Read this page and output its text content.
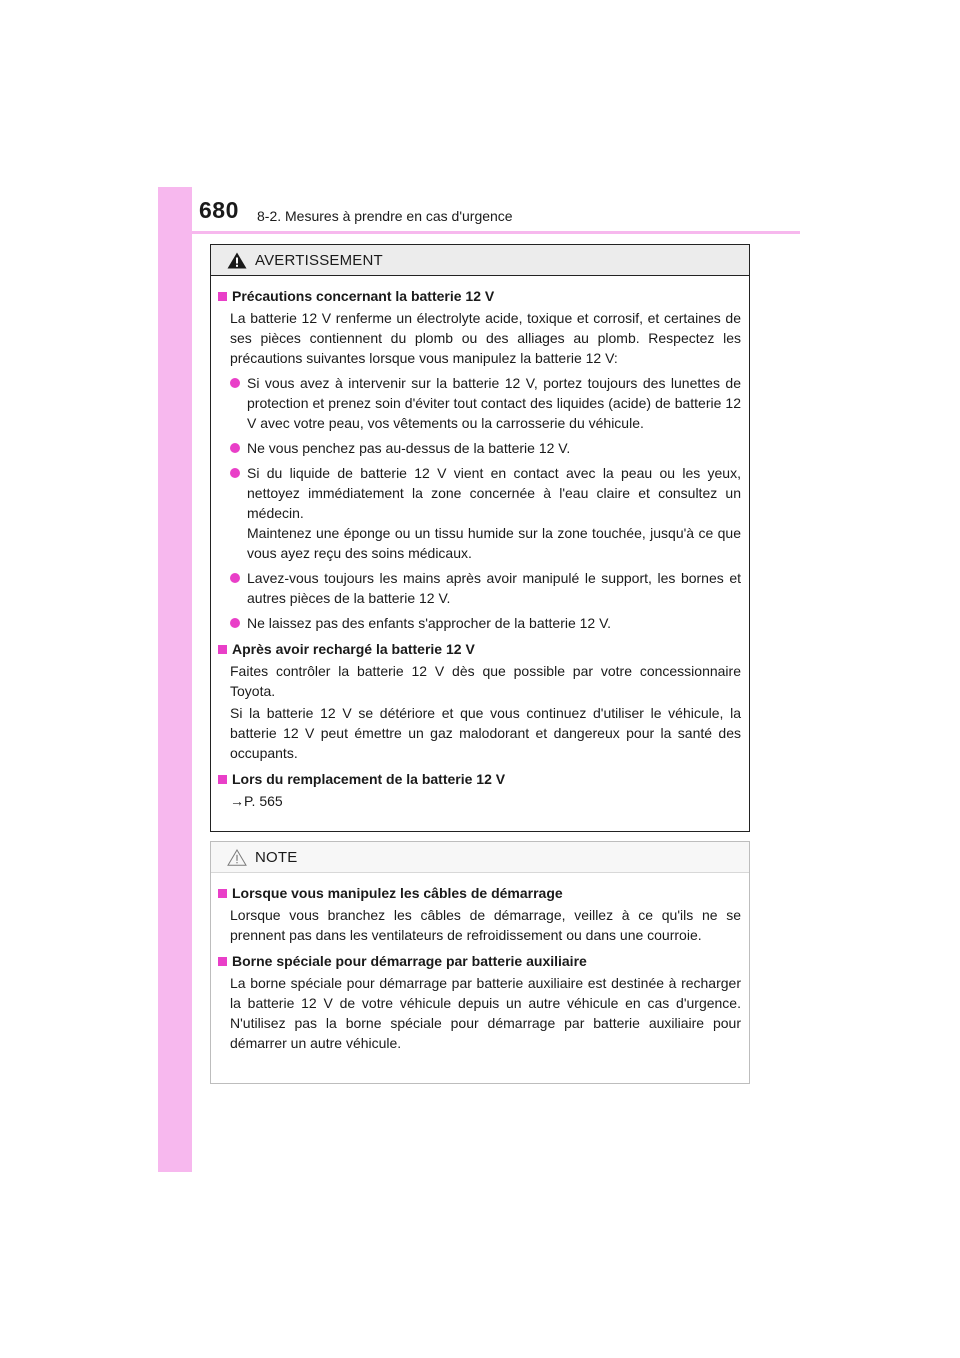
680 8-2. Mesures à prendre en cas d'urgence
AVERTISSEMENT
Précautions concernant la batterie 12 V
La batterie 12 V renferme un électrolyte acide, toxique et corrosif, et certaines de ses pièces contiennent du plomb ou des alliages au plomb. Respectez les précautions suivantes lorsque vous manipulez la batterie 12 V:
Si vous avez à intervenir sur la batterie 12 V, portez toujours des lunettes de protection et prenez soin d'éviter tout contact des liquides (acide) de batterie 12 V avec votre peau, vos vêtements ou la carrosserie du véhicule.
Ne vous penchez pas au-dessus de la batterie 12 V.
Si du liquide de batterie 12 V vient en contact avec la peau ou les yeux, nettoyez immédiatement la zone concernée à l'eau claire et consultez un médecin.
Maintenez une éponge ou un tissu humide sur la zone touchée, jusqu'à ce que vous ayez reçu des soins médicaux.
Lavez-vous toujours les mains après avoir manipulé le support, les bornes et autres pièces de la batterie 12 V.
Ne laissez pas des enfants s'approcher de la batterie 12 V.
Après avoir rechargé la batterie 12 V
Faites contrôler la batterie 12 V dès que possible par votre concessionnaire Toyota.
Si la batterie 12 V se détériore et que vous continuez d'utiliser le véhicule, la batterie 12 V peut émettre un gaz malodorant et dangereux pour la santé des occupants.
Lors du remplacement de la batterie 12 V
→P. 565
NOTE
Lorsque vous manipulez les câbles de démarrage
Lorsque vous branchez les câbles de démarrage, veillez à ce qu'ils ne se prennent pas dans les ventilateurs de refroidissement ou dans une courroie.
Borne spéciale pour démarrage par batterie auxiliaire
La borne spéciale pour démarrage par batterie auxiliaire est destinée à recharger la batterie 12 V de votre véhicule depuis un autre véhicule en cas d'urgence. N'utilisez pas la borne spéciale pour démarrage par batterie auxiliaire pour démarrer un autre véhicule.
